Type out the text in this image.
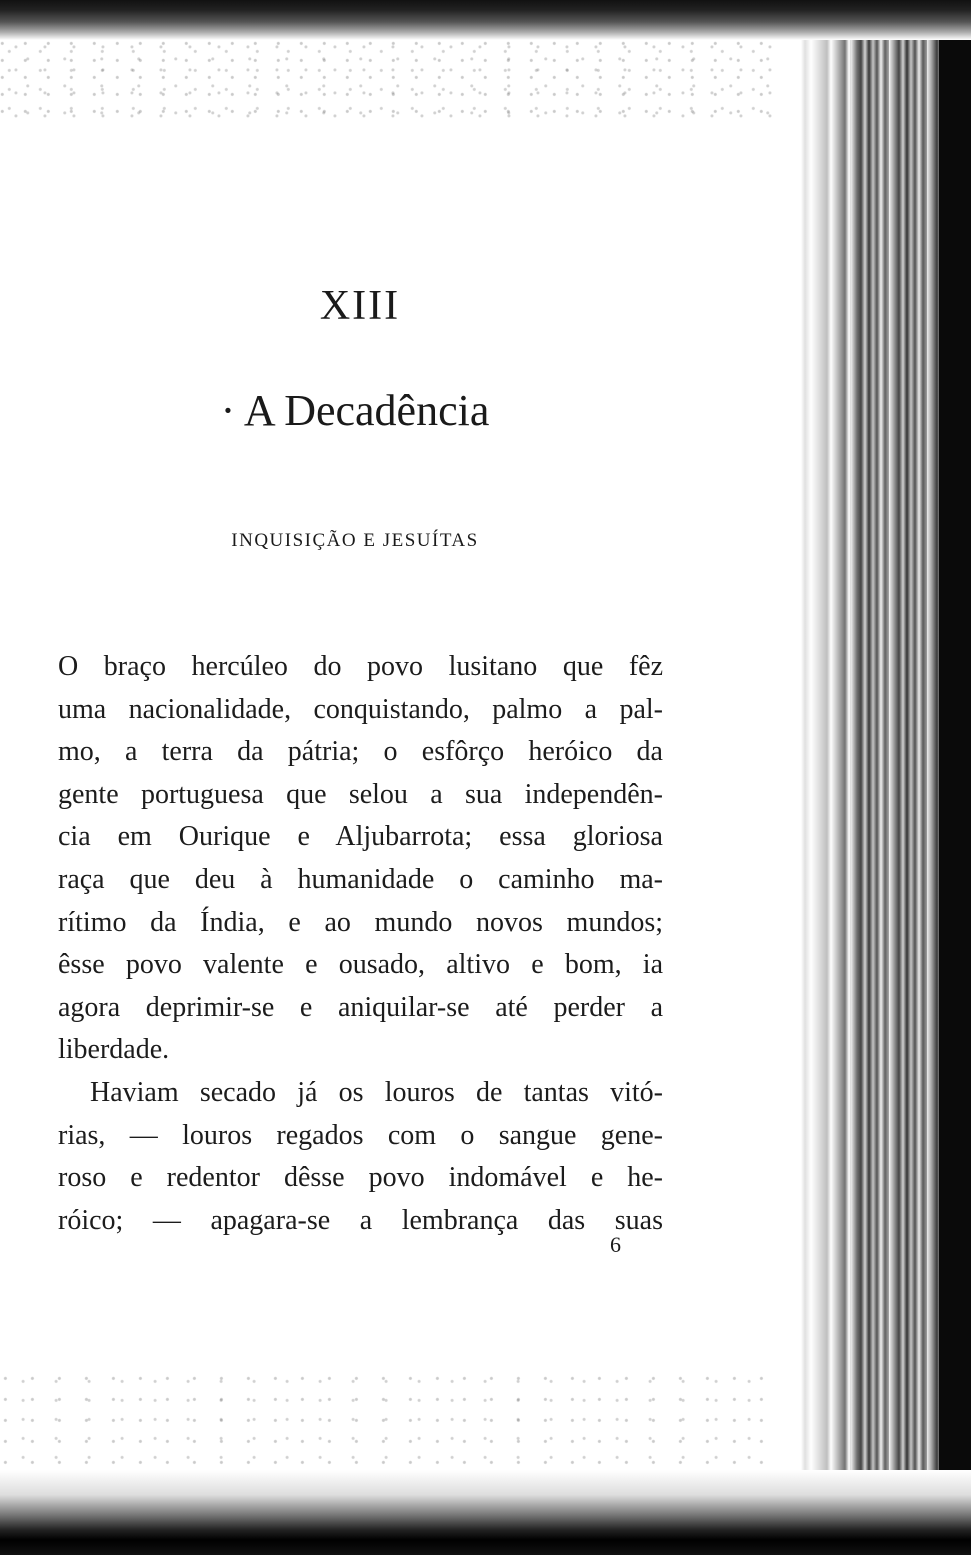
XIII
· A Decadência
INQUISIÇÃO E JESUÍTAS
O braço hercúleo do povo lusitano que fêz
uma nacionalidade, conquistando, palmo a pal-
mo, a terra da pátria; o esfôrço heróico da
gente portuguesa que selou a sua independên-
cia em Ourique e Aljubarrota; essa gloriosa
raça que deu à humanidade o caminho ma-
rítimo da Índia, e ao mundo novos mundos;
êsse povo valente e ousado, altivo e bom, ia
agora deprimir-se e aniquilar-se até perder a
liberdade.
Haviam secado já os louros de tantas vitó-
rias, — louros regados com o sangue gene-
roso e redentor dêsse povo indomável e he-
róico; — apagara-se a lembrança das suas
6
